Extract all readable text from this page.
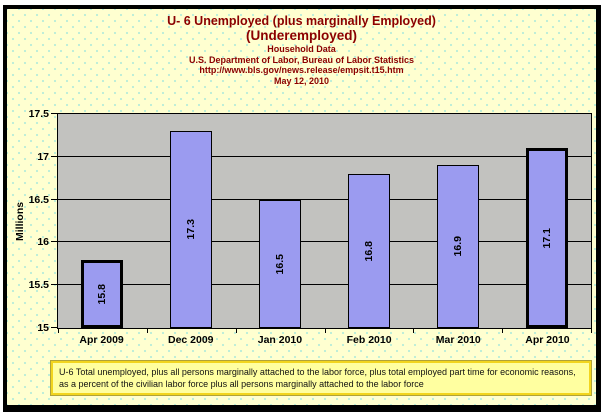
U- 6 Unemployed (plus marginally Employed)
(Underemployed)
Household Data
U.S. Department of Labor, Bureau of Labor Statistics
http://www.bls.gov/news.release/empsit.t15.htm
May 12, 2010
Millions
17.5
17
16.5
16
15.5
15
15.8
17.3
16.5
16.8	16.9	17.1
Apr 2009	Dec 2009	Jan 2010	Feb 2010	Mar 2010	Apr 2010
U-6 Total unemployed, plus all persons marginally attached to the labor force, plus total employed part time for economic reasons, as a percent of the civilian labor force plus all persons marginally attached to the labor force
